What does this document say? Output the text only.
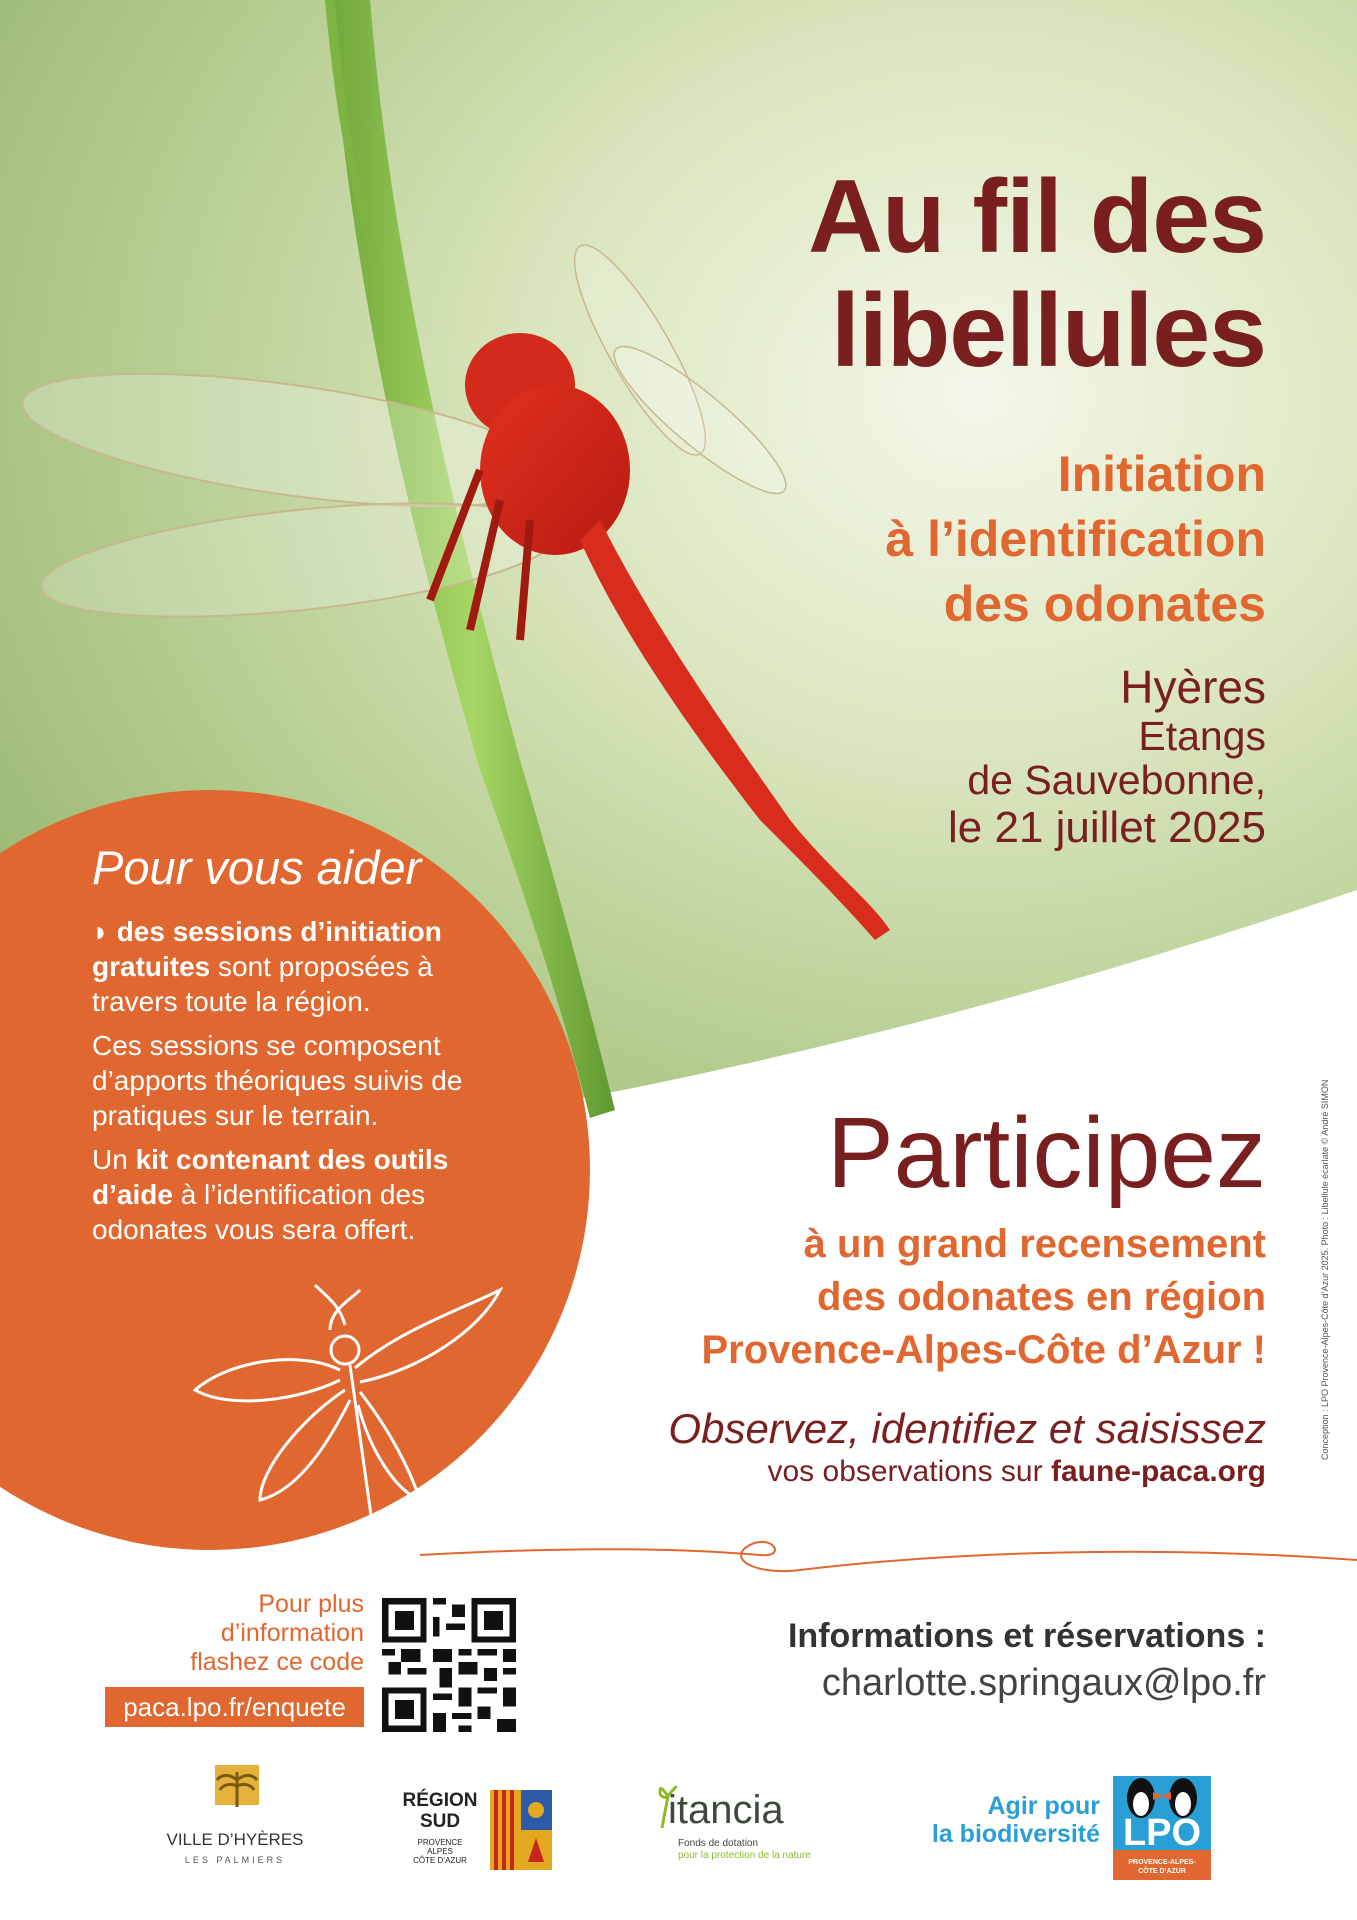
Au fil des
libellules
Initiation
à l’identification
des odonates
Hyères
Etangs
de Sauvebonne,
le 21 juillet 2025
Pour vous aider

◗ des sessions d’initiation gratuites sont proposées à travers toute la région.

Ces sessions se composent d’apports théoriques suivis de pratiques sur le terrain.

Un kit contenant des outils d’aide à l’identification des odonates vous sera offert.

Participez
à un grand recensement
des odonates en région
Provence-Alpes-Côte d’Azur !
Observez, identifiez et saisissez
vos observations sur faune-paca.org
Conception : LPO Provence-Alpes-Côte d’Azur 2025. Photo : Libellule écarlate © André SIMON
Pour plus
d’information
flashez ce code
paca.lpo.fr/enquete
Informations et réservations :
charlotte.springaux@lpo.fr
VILLE D’HYÈRES
LES PALMIERS
RÉGION
SUD
PROVENCE
ALPES
CÔTE D’AZUR
itancia
Fonds de dotation
pour la protection de la nature
Agir pour
la biodiversité LPO
PROVENCE-ALPES-
CÔTE D’AZUR
